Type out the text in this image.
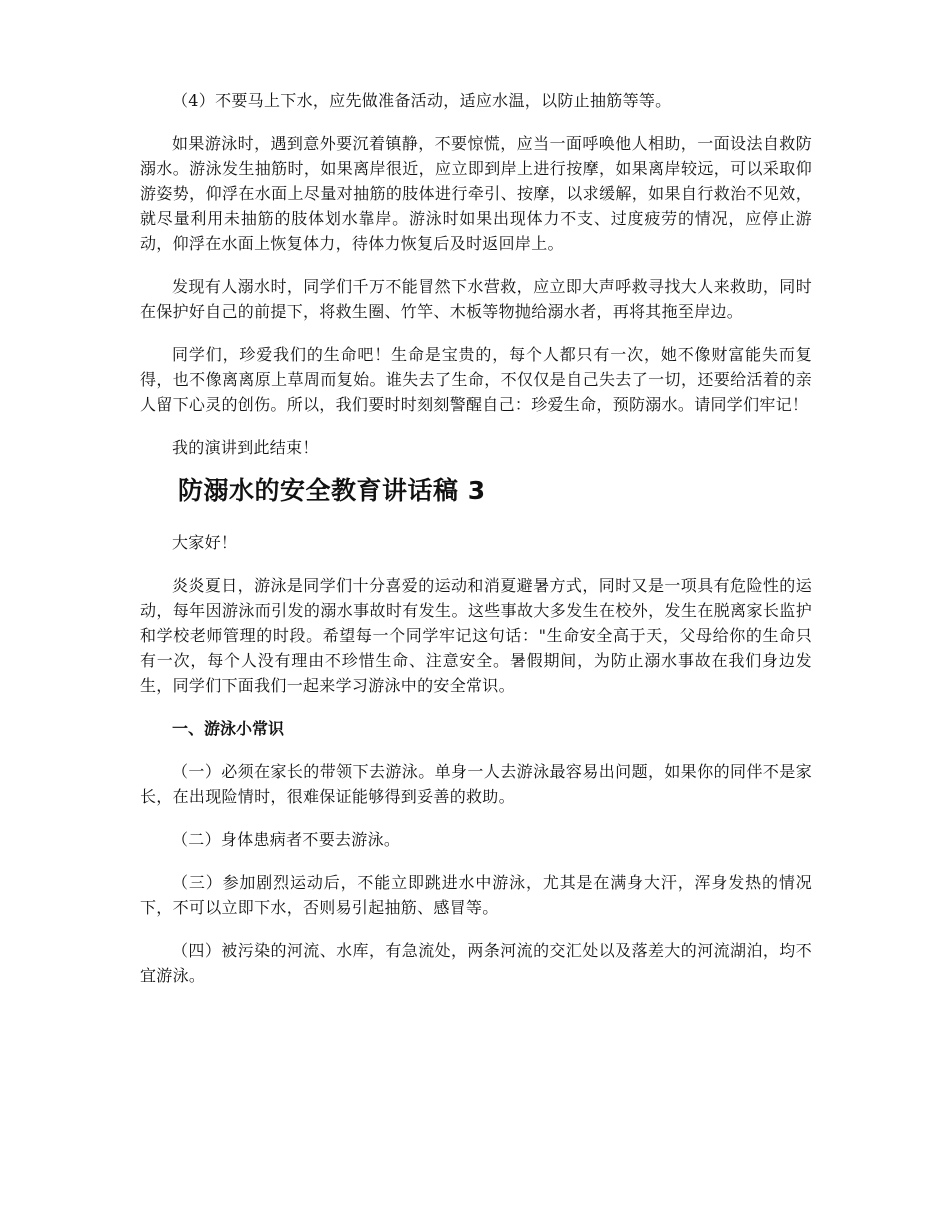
（4）不要马上下水，应先做准备活动，适应水温，以防止抽筋等等。

如果游泳时，遇到意外要沉着镇静，不要惊慌，应当一面呼唤他人相助，一面设法自救防溺水。游泳发生抽筋时，如果离岸很近，应立即到岸上进行按摩，如果离岸较远，可以采取仰游姿势，仰浮在水面上尽量对抽筋的肢体进行牵引、按摩，以求缓解，如果自行救治不见效，就尽量利用未抽筋的肢体划水靠岸。游泳时如果出现体力不支、过度疲劳的情况，应停止游动，仰浮在水面上恢复体力，待体力恢复后及时返回岸上。

发现有人溺水时，同学们千万不能冒然下水营救，应立即大声呼救寻找大人来救助，同时在保护好自己的前提下，将救生圈、竹竿、木板等物抛给溺水者，再将其拖至岸边。

同学们，珍爱我们的生命吧！生命是宝贵的，每个人都只有一次，她不像财富能失而复得，也不像离离原上草周而复始。谁失去了生命，不仅仅是自己失去了一切，还要给活着的亲人留下心灵的创伤。所以，我们要时时刻刻警醒自己：珍爱生命，预防溺水。请同学们牢记！

我的演讲到此结束！

防溺水的安全教育讲话稿 3

大家好！

炎炎夏日，游泳是同学们十分喜爱的运动和消夏避暑方式，同时又是一项具有危险性的运动，每年因游泳而引发的溺水事故时有发生。这些事故大多发生在校外，发生在脱离家长监护和学校老师管理的时段。希望每一个同学牢记这句话："生命安全高于天，父母给你的生命只有一次，每个人没有理由不珍惜生命、注意安全。暑假期间，为防止溺水事故在我们身边发生，同学们下面我们一起来学习游泳中的安全常识。

一、游泳小常识

（一）必须在家长的带领下去游泳。单身一人去游泳最容易出问题，如果你的同伴不是家长，在出现险情时，很难保证能够得到妥善的救助。

（二）身体患病者不要去游泳。

（三）参加剧烈运动后，不能立即跳进水中游泳，尤其是在满身大汗，浑身发热的情况下，不可以立即下水，否则易引起抽筋、感冒等。

（四）被污染的河流、水库，有急流处，两条河流的交汇处以及落差大的河流湖泊，均不宜游泳。
